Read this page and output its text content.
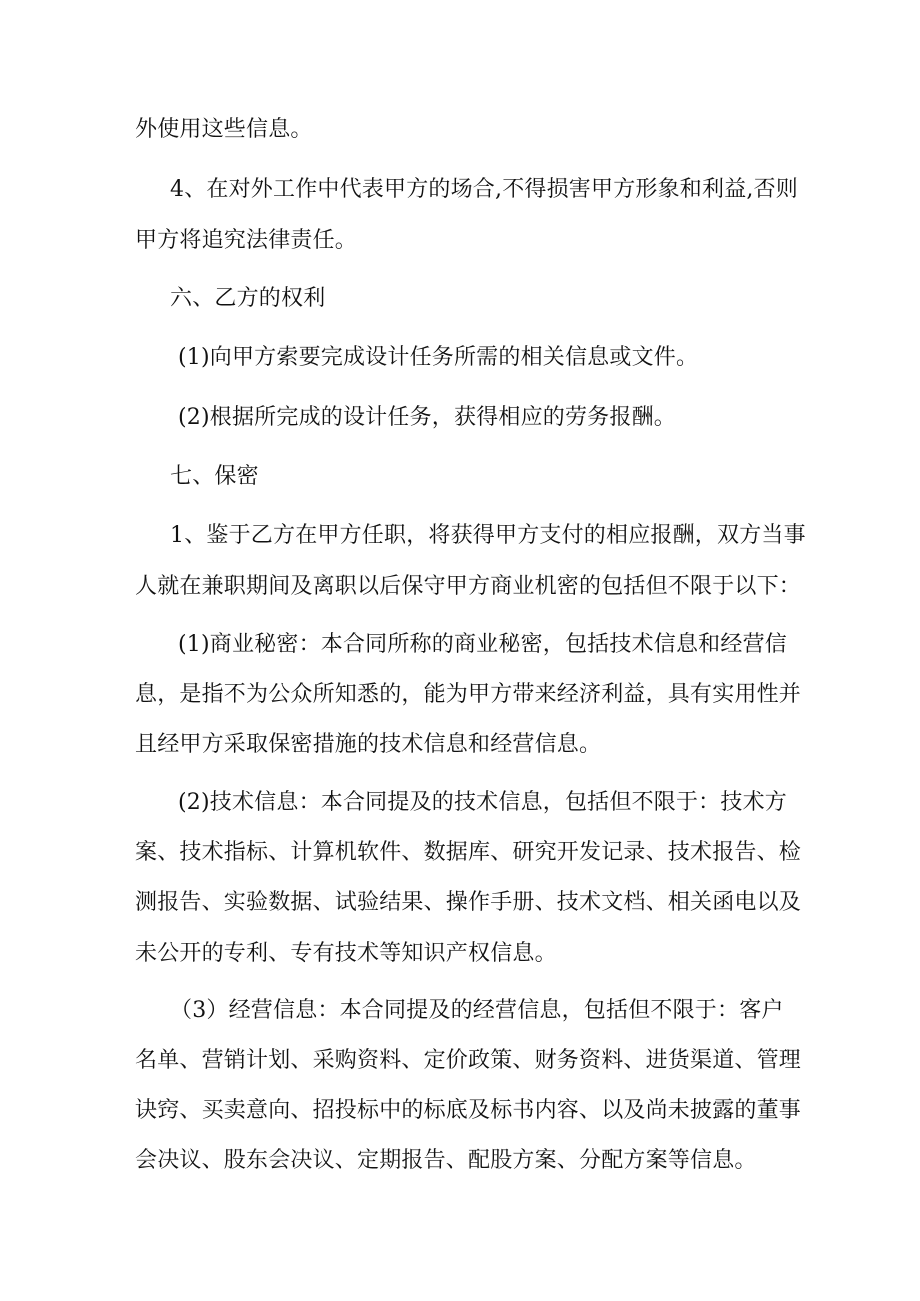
外使用这些信息。
4、在对外工作中代表甲方的场合,不得损害甲方形象和利益,否则
甲方将追究法律责任。
六、乙方的权利
(1)向甲方索要完成设计任务所需的相关信息或文件。
(2)根据所完成的设计任务，获得相应的劳务报酬。
七、保密
1、鉴于乙方在甲方任职，将获得甲方支付的相应报酬，双方当事
人就在兼职期间及离职以后保守甲方商业机密的包括但不限于以下：
(1)商业秘密：本合同所称的商业秘密，包括技术信息和经营信
息，是指不为公众所知悉的，能为甲方带来经济利益，具有实用性并
且经甲方采取保密措施的技术信息和经营信息。
(2)技术信息：本合同提及的技术信息，包括但不限于：技术方
案、技术指标、计算机软件、数据库、研究开发记录、技术报告、检
测报告、实验数据、试验结果、操作手册、技术文档、相关函电以及
未公开的专利、专有技术等知识产权信息。
（3）经营信息：本合同提及的经营信息，包括但不限于：客户
名单、营销计划、采购资料、定价政策、财务资料、进货渠道、管理
诀窍、买卖意向、招投标中的标底及标书内容、以及尚未披露的董事
会决议、股东会决议、定期报告、配股方案、分配方案等信息。
